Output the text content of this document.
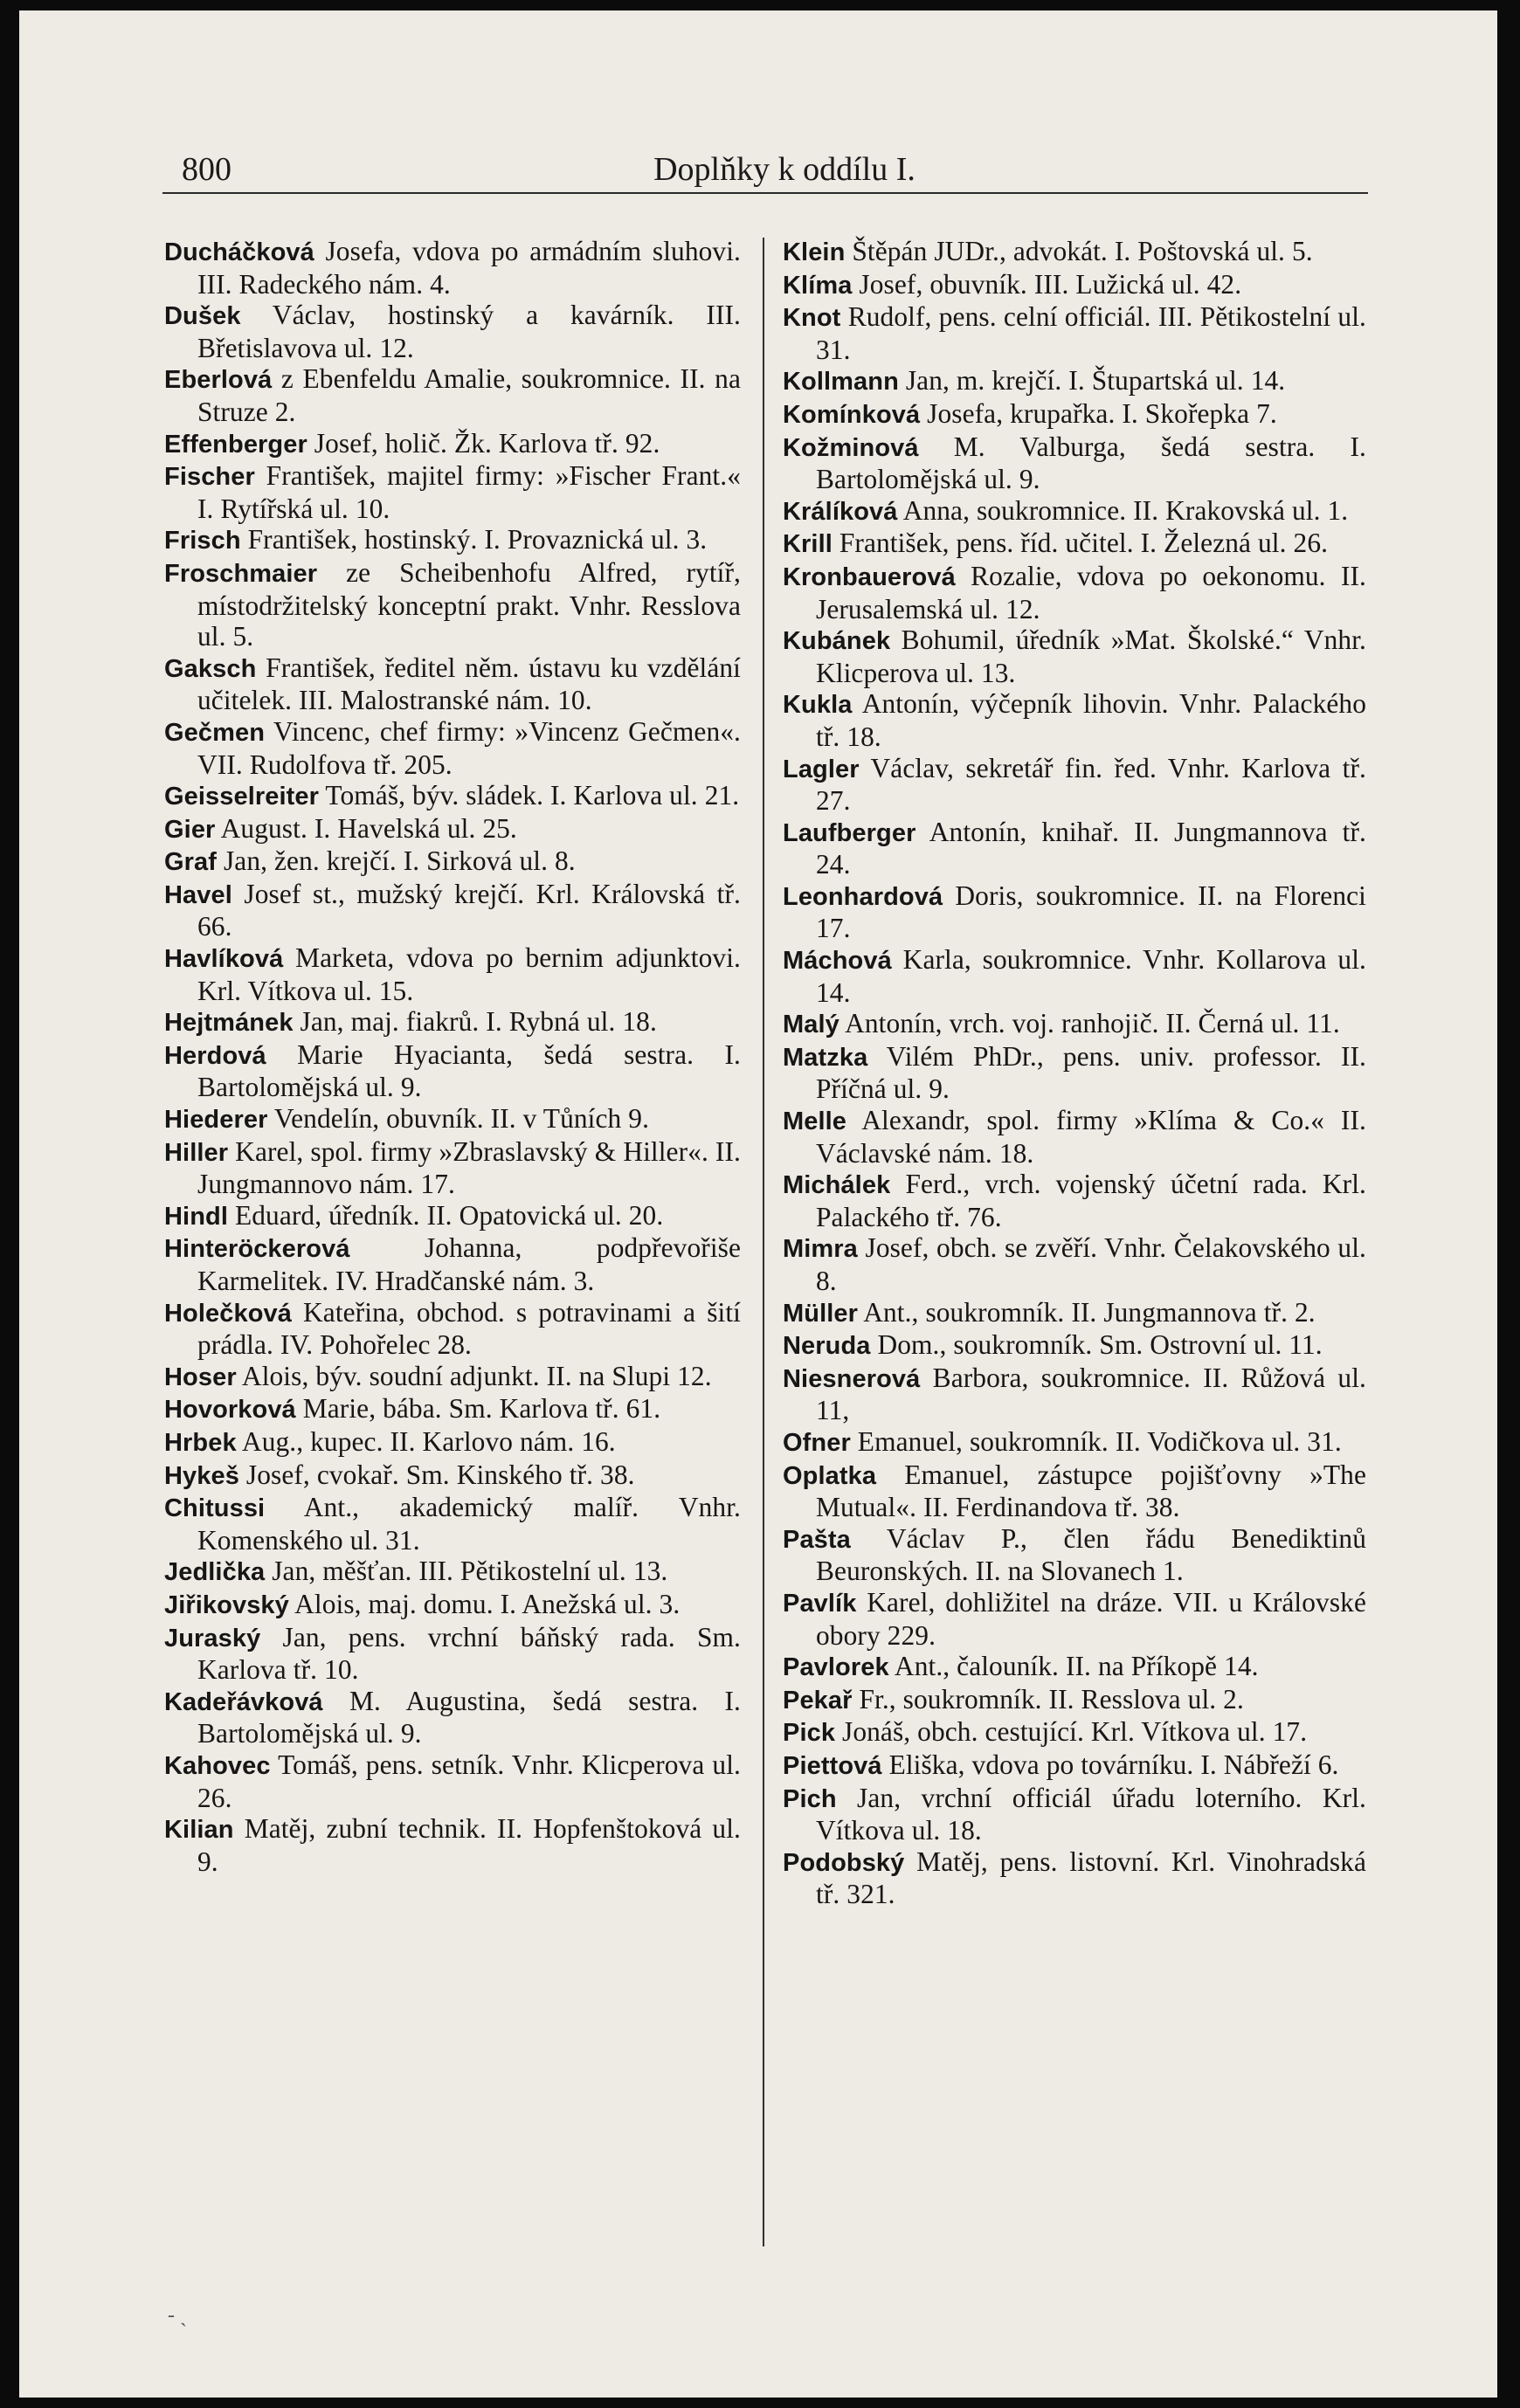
800	Doplňky k oddílu I.

Ducháčková Josefa, vdova po armádním sluhovi. III. Radeckého nám. 4.

Dušek Václav, hostinský a kavárník. III. Břetislavova ul. 12.

Eberlová z Ebenfeldu Amalie, soukromnice. II. na Struze 2.

Effenberger Josef, holič. Žk. Karlova tř. 92.

Fischer František, majitel firmy: »Fischer Frant.« I. Rytířská ul. 10.

Frisch František, hostinský. I. Provaznická ul. 3.

Froschmaier ze Scheibenhofu Alfred, rytíř, místodržitelský konceptní prakt. Vnhr. Resslova ul. 5.

Gaksch František, ředitel něm. ústavu ku vzdělání učitelek. III. Malostranské nám. 10.

Gečmen Vincenc, chef firmy: »Vincenz Gečmen«. VII. Rudolfova tř. 205.

Geisselreiter Tomáš, býv. sládek. I. Karlova ul. 21.

Gier August. I. Havelská ul. 25.

Graf Jan, žen. krejčí. I. Sirková ul. 8.

Havel Josef st., mužský krejčí. Krl. Královská tř. 66.

Havlíková Marketa, vdova po bernim adjunktovi. Krl. Vítkova ul. 15.

Hejtmánek Jan, maj. fiakrů. I. Rybná ul. 18.

Herdová Marie Hyacianta, šedá sestra. I. Bartolomějská ul. 9.

Hiederer Vendelín, obuvník. II. v Tůních 9.

Hiller Karel, spol. firmy »Zbraslavský & Hiller«. II. Jungmannovo nám. 17.

Hindl Eduard, úředník. II. Opatovická ul. 20.

Hinteröckerová Johanna, podpřevořiše Karmelitek. IV. Hradčanské nám. 3.

Holečková Kateřina, obchod. s potravinami a šití prádla. IV. Pohořelec 28.

Hoser Alois, býv. soudní adjunkt. II. na Slupi 12.

Hovorková Marie, bába. Sm. Karlova tř. 61.

Hrbek Aug., kupec. II. Karlovo nám. 16.

Hykeš Josef, cvokař. Sm. Kinského tř. 38.

Chitussi Ant., akademický malíř. Vnhr. Komenského ul. 31.

Jedlička Jan, měšťan. III. Pětikostelní ul. 13.

Jiřikovský Alois, maj. domu. I. Anežská ul. 3.

Juraský Jan, pens. vrchní báňský rada. Sm. Karlova tř. 10.

Kadeřávková M. Augustina, šedá sestra. I. Bartolomějská ul. 9.

Kahovec Tomáš, pens. setník. Vnhr. Klicperova ul. 26.

Kilian Matěj, zubní technik. II. Hopfenštoková ul. 9.

Klein Štěpán JUDr., advokát. I. Poštovská ul. 5.

Klíma Josef, obuvník. III. Lužická ul. 42.

Knot Rudolf, pens. celní officiál. III. Pětikostelní ul. 31.

Kollmann Jan, m. krejčí. I. Štupartská ul. 14.

Komínková Josefa, krupařka. I. Skořepka 7.

Kožminová M. Valburga, šedá sestra. I. Bartolomějská ul. 9.

Králíková Anna, soukromnice. II. Krakovská ul. 1.

Krill František, pens. říd. učitel. I. Železná ul. 26.

Kronbauerová Rozalie, vdova po oekonomu. II. Jerusalemská ul. 12.

Kubánek Bohumil, úředník »Mat. Školské.“ Vnhr. Klicperova ul. 13.

Kukla Antonín, výčepník lihovin. Vnhr. Palackého tř. 18.

Lagler Václav, sekretář fin. řed. Vnhr. Karlova tř. 27.

Laufberger Antonín, knihař. II. Jungmannova tř. 24.

Leonhardová Doris, soukromnice. II. na Florenci 17.

Máchová Karla, soukromnice. Vnhr. Kollarova ul. 14.

Malý Antonín, vrch. voj. ranhojič. II. Černá ul. 11.

Matzka Vilém PhDr., pens. univ. professor. II. Příčná ul. 9.

Melle Alexandr, spol. firmy »Klíma & Co.« II. Václavské nám. 18.

Michálek Ferd., vrch. vojenský účetní rada. Krl. Palackého tř. 76.

Mimra Josef, obch. se zvěří. Vnhr. Čelakovského ul. 8.

Müller Ant., soukromník. II. Jungmannova tř. 2.

Neruda Dom., soukromník. Sm. Ostrovní ul. 11.

Niesnerová Barbora, soukromnice. II. Růžová ul. 11,

Ofner Emanuel, soukromník. II. Vodičkova ul. 31.

Oplatka Emanuel, zástupce pojišťovny »The Mutual«. II. Ferdinandova tř. 38.

Pašta Václav P., člen řádu Benediktinů Beuronských. II. na Slovanech 1.

Pavlík Karel, dohližitel na dráze. VII. u Královské obory 229.

Pavlorek Ant., čalouník. II. na Příkopě 14.

Pekař Fr., soukromník. II. Resslova ul. 2.

Pick Jonáš, obch. cestující. Krl. Vítkova ul. 17.

Piettová Eliška, vdova po továrníku. I. Nábřeží 6.

Pich Jan, vrchní officiál úřadu loterního. Krl. Vítkova ul. 18.

Podobský Matěj, pens. listovní. Krl. Vinohradská tř. 321.

- ˎ
